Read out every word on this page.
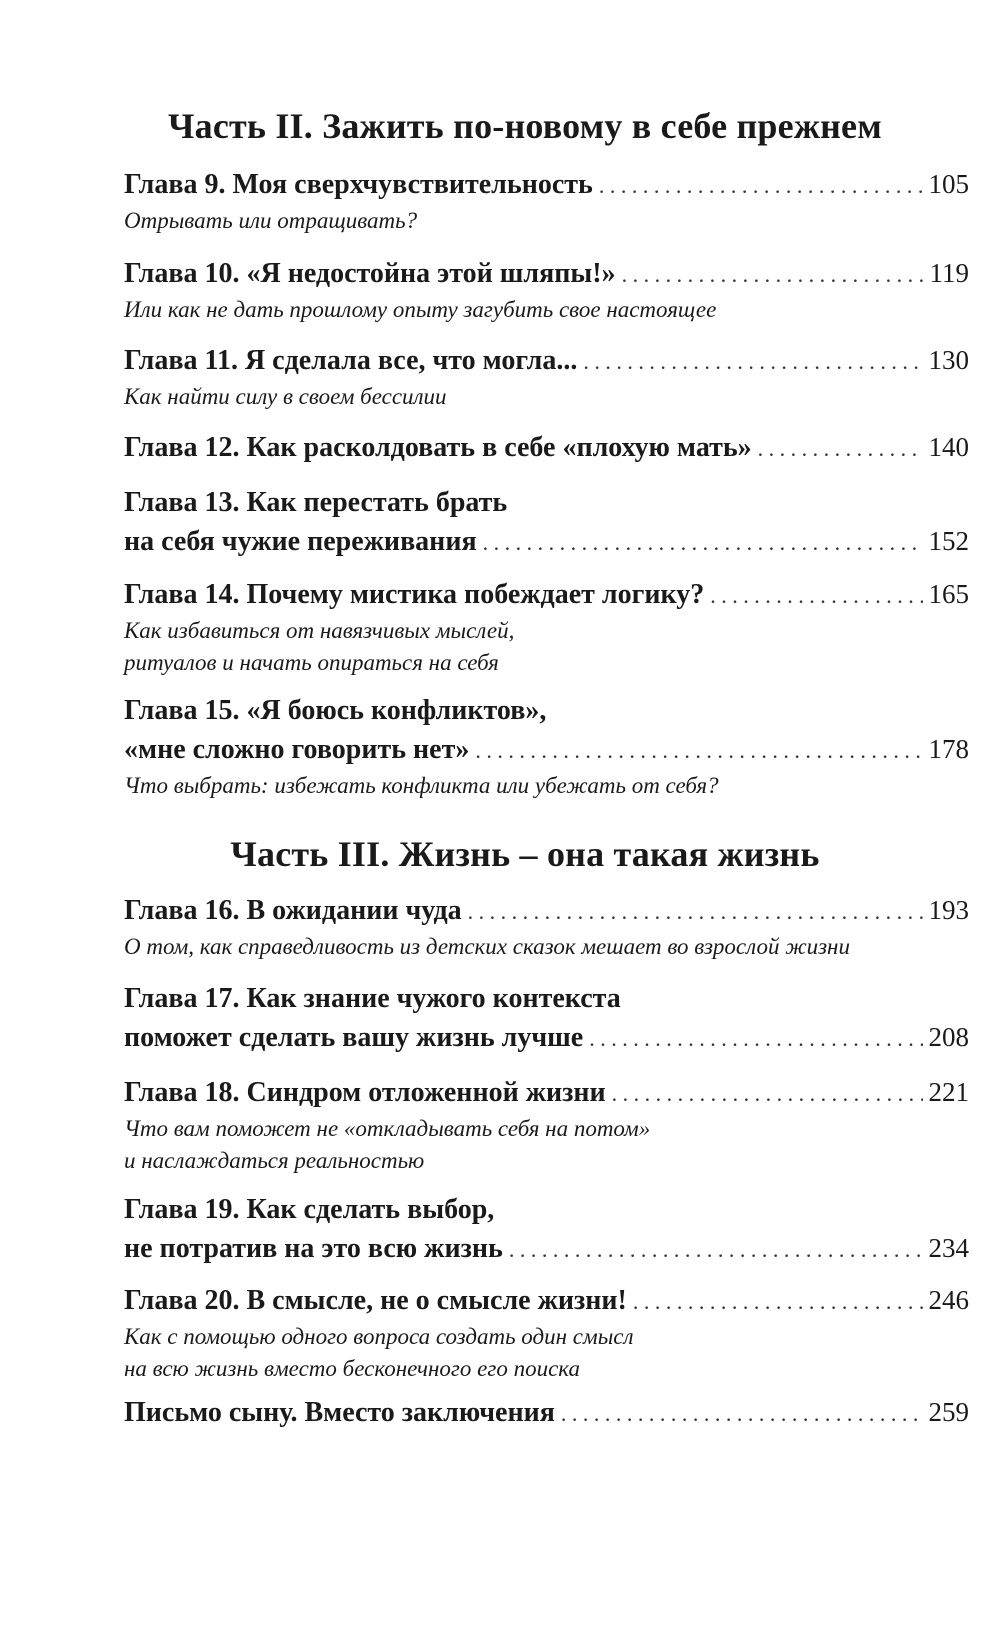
Часть II. Зажить по-новому в себе прежнем
Часть III. Жизнь – она такая жизнь
Глава 9. Моя сверхчувствительность . . .	105
Отрывать или отращивать?
Глава 10. «Я недостойна этой шляпы!» . . .	119
Или как не дать прошлому опыту загубить свое настоящее
Глава 11. Я сделала все, что могла... . . .	130
Как найти силу в своем бессилии
Глава 12. Как расколдовать в себе «плохую мать» . . .	140
Глава 13. Как перестать брать
на себя чужие переживания . . .	152
Глава 14. Почему мистика побеждает логику? . . .	165
Как избавиться от навязчивых мыслей,
ритуалов и начать опираться на себя
Глава 15. «Я боюсь конфликтов»,
«мне сложно говорить нет» . . .	178
Что выбрать: избежать конфликта или убежать от себя?
Глава 16. В ожидании чуда . . .	193
О том, как справедливость из детских сказок мешает во взрослой жизни
Глава 17. Как знание чужого контекста
поможет сделать вашу жизнь лучше . . .	208
Глава 18. Синдром отложенной жизни . . .	221
Что вам поможет не «откладывать себя на потом»
и наслаждаться реальностью
Глава 19. Как сделать выбор,
не потратив на это всю жизнь . . .	234
Глава 20. В смысле, не о смысле жизни! . . .	246
Как с помощью одного вопроса создать один смысл
на всю жизнь вместо бесконечного его поиска
Письмо сыну. Вместо заключения . . .	259
